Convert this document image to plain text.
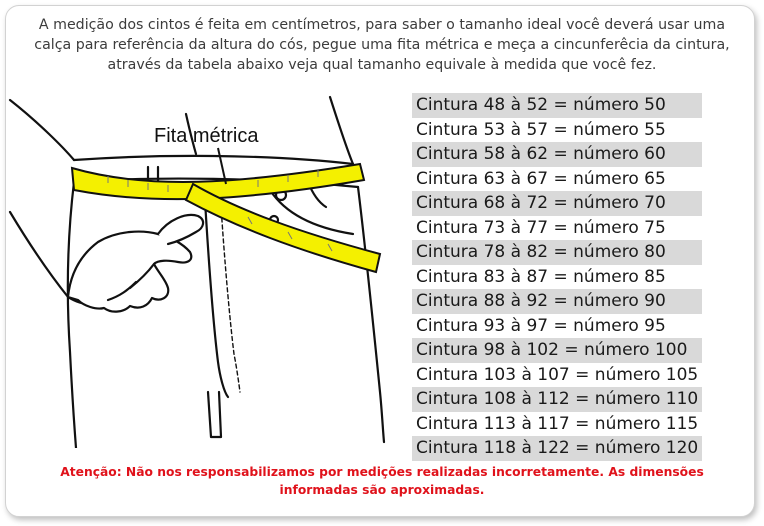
A medição dos cintos é feita em centímetros, para saber o tamanho ideal você deverá usar uma calça para referência da altura do cós, pegue uma fita métrica e meça a cincunferêcia da cintura, através da tabela abaixo veja qual tamanho equivale à medida que você fez.
Fita métrica
Cintura 48 à 52 = número 50
Cintura 53 à 57 = número 55
Cintura 58 à 62 = número 60
Cintura 63 à 67 = número 65
Cintura 68 à 72 = número 70
Cintura 73 à 77 = número 75
Cintura 78 à 82 = número 80
Cintura 83 à 87 = número 85
Cintura 88 à 92 = número 90
Cintura 93 à 97 = número 95
Cintura 98 à 102 = número 100
Cintura 103 à 107 = número 105
Cintura 108 à 112 = número 110
Cintura 113 à 117 = número 115
Cintura 118 à 122 = número 120
Atenção: Não nos responsabilizamos por medições realizadas incorretamente. As dimensões informadas são aproximadas.
